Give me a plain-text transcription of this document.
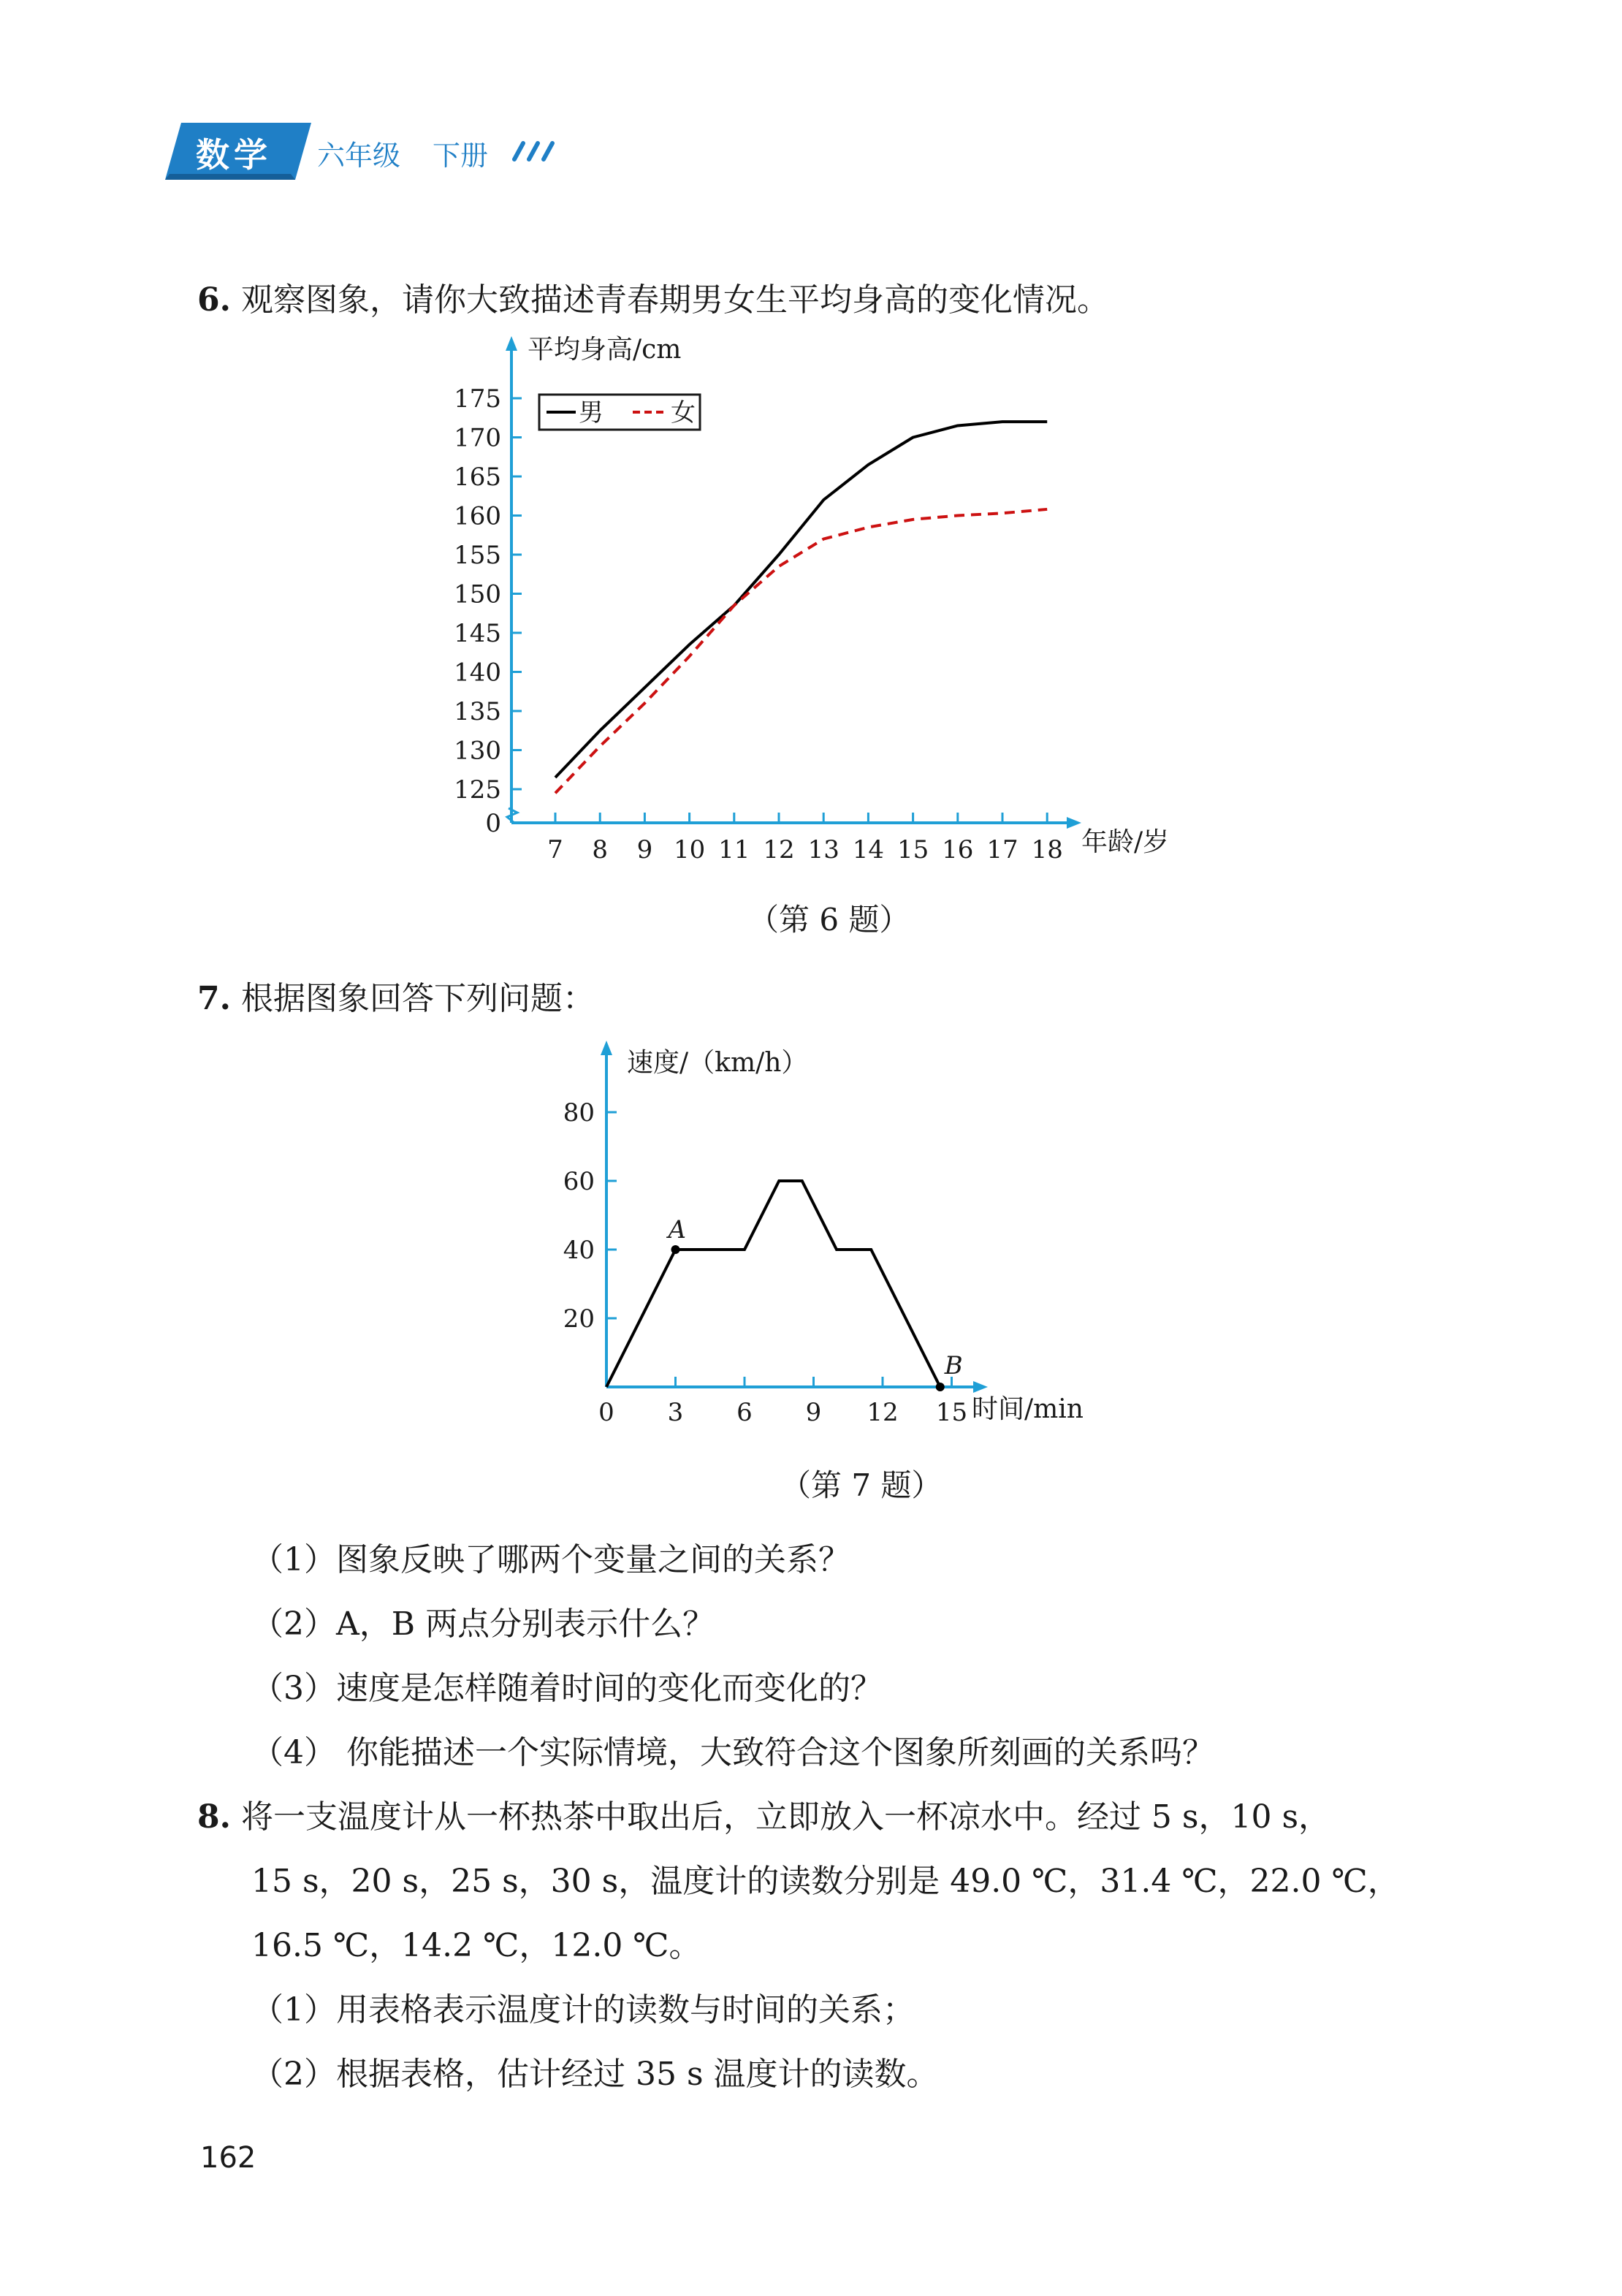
数学 六年级 下册
6. 观察图象，请你大致描述青春期男女生平均身高的变化情况。
0
125
130
135
140
145
150
155
160
165
170
175
7 8 9 10 11 12 13 14 15 16 17 18
平均身高/cm
年龄/岁
男	女
（第 6 题）
7. 根据图象回答下列问题：
20
40
60
80
0 3 6 9 12 15
A
B
速度/（km/h）
时间/min
（第 7 题）
（1）图象反映了哪两个变量之间的关系？
（2）A，B 两点分别表示什么？
（3）速度是怎样随着时间的变化而变化的？
（4） 你能描述一个实际情境，大致符合这个图象所刻画的关系吗？
8. 将一支温度计从一杯热茶中取出后，立即放入一杯凉水中。经过 5 s，10 s，
15 s，20 s，25 s，30 s，温度计的读数分别是 49.0 ℃，31.4 ℃，22.0 ℃，
16.5 ℃，14.2 ℃，12.0 ℃。
（1）用表格表示温度计的读数与时间的关系；
（2）根据表格，估计经过 35 s 温度计的读数。
162
